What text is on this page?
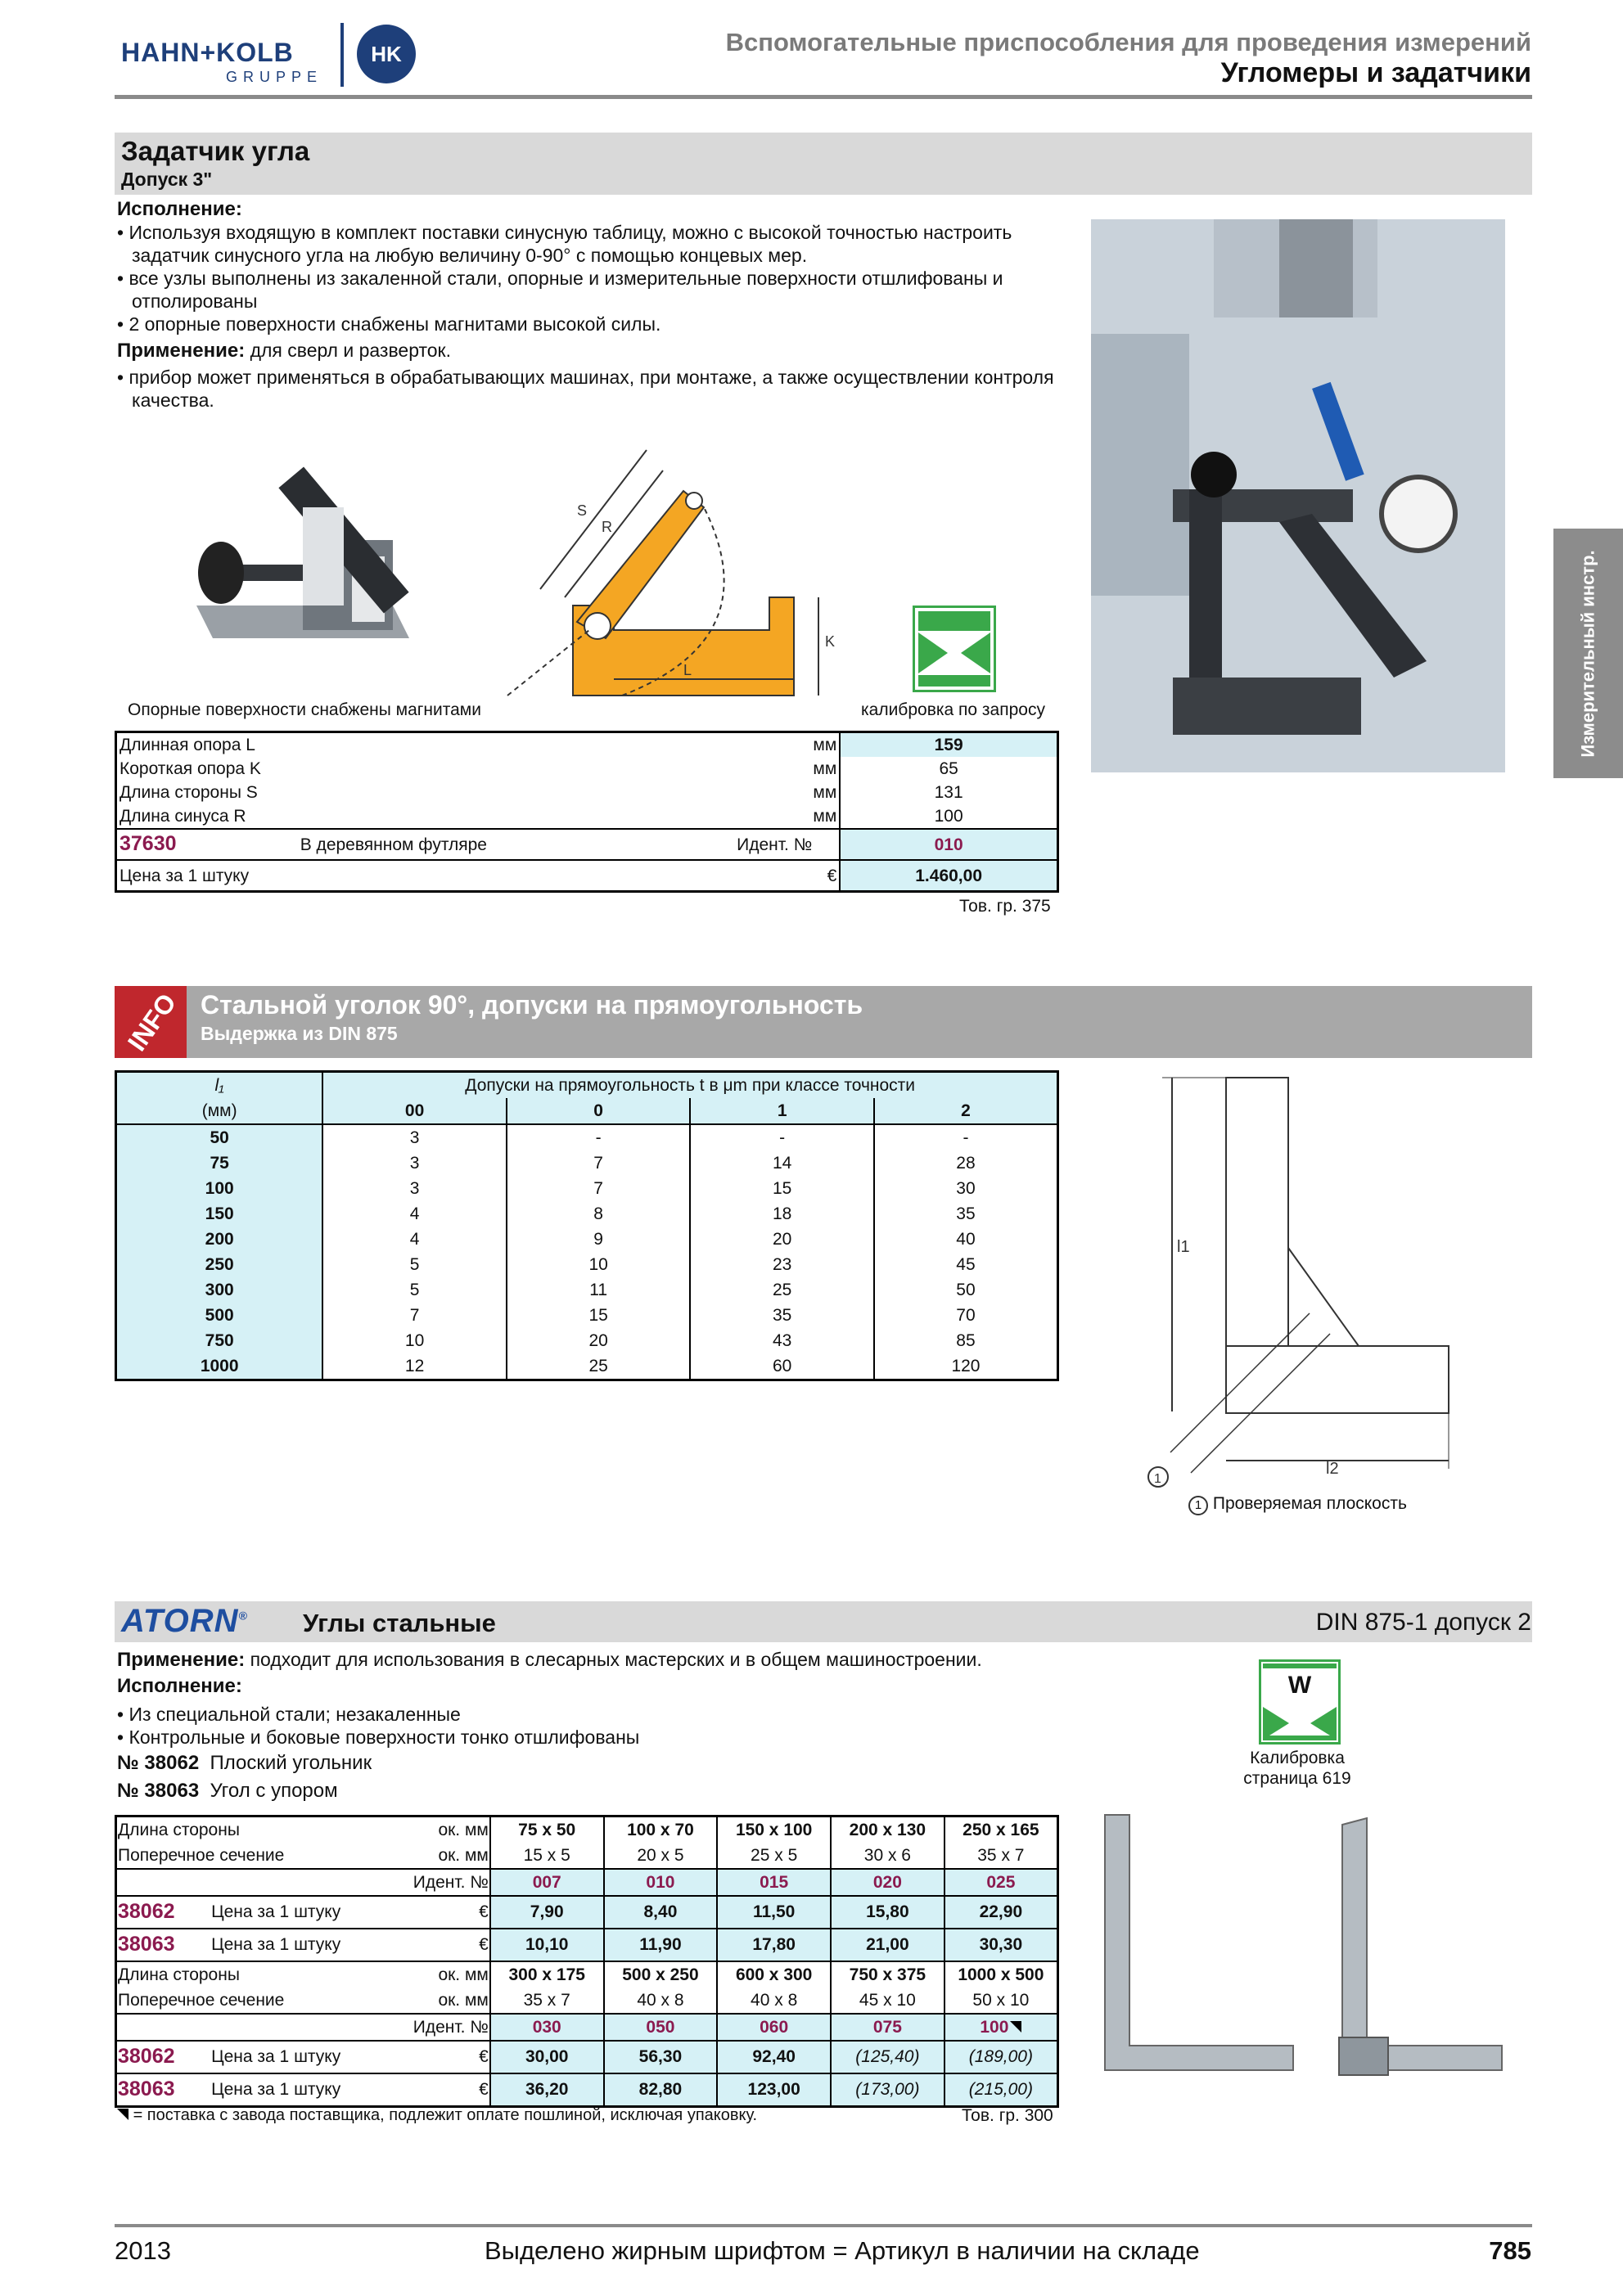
HAHN+KOLB
GRUPPE
HK	Вспомогательные приспособления для проведения измерений
Угломеры и задатчики
Измерительный инстр.
Задатчик угла
Допуск 3"
Исполнение:
• Используя входящую в комплект поставки синусную таблицу, можно с высокой точностью настроить задатчик синусного угла на любую величину 0-90° с помощью концевых мер.
• все узлы выполнены из закаленной стали, опорные и измерительные поверхности отшлифованы и отполированы
• 2 опорные поверхности снабжены магнитами высокой силы.
Применение: для сверл и разверток.
• прибор может применяться в обрабатывающих машинах, при монтаже, а также осуществлении контроля качества.
S
R
K
L
Опорные поверхности снабжены магнитами	калибровка по запросу
Длинная опора L		мм	159
Короткая опора K		мм	65
Длина стороны S		мм	131
Длина синуса R		мм	100
37630	В деревянном футляре	Идент. №	010
Цена за 1 штуку		€	1.460,00
Тов. гр. 375
INFO Стальной уголок 90°, допуски на прямоугольность
Выдержка из DIN 875
l₁	Допуски на прямоугольность t в μm при классе точности			
(мм)	00	0	1	2
50	3	-	-	-
75	3	7	14	28
100	3	7	15	30
150	4	8	18	35
200	4	9	20	40
250	5	10	23	45
300	5	11	25	50
500	7	15	35	70
750	10	20	43	85
1000	12	25	60	120
l1
l2
1
1 Проверяемая плоскость
ATORN® Углы стальные	DIN 875-1 допуск 2
Применение: подходит для использования в слесарных мастерских и в общем машиностроении.
Исполнение:
• Из специальной стали; незакаленные
• Контрольные и боковые поверхности тонко отшлифованы
№ 38062 Плоский угольник
№ 38063 Угол с упором
W
Калибровка
страница 619
Длина стороны		ок. мм		75 x 50	100 x 70	150 x 100	200 x 130	250 x 165
Поперечное сечение		ок. мм		15 x 5	20 x 5	25 x 5	30 x 6	35 x 7
Идент. №				007	010	015	020	025
38062	Цена за 1 штуку		€	7,90	8,40	11,50	15,80	22,90
38063	Цена за 1 штуку		€	10,10	11,90	17,80	21,00	30,30
Длина стороны		ок. мм		300 x 175	500 x 250	600 x 300	750 x 375	1000 x 500
Поперечное сечение		ок. мм		35 x 7	40 x 8	40 x 8	45 x 10	50 x 10
Идент. №				030	050	060	075	100
38062	Цена за 1 штуку		€	30,00	56,30	92,40	(125,40)	(189,00)
38063	Цена за 1 штуку		€	36,20	82,80	123,00	(173,00)	(215,00)
= поставка с завода поставщика, подлежит оплате пошлиной, исключая упаковку.	Тов. гр. 300
2013	Выделено жирным шрифтом = Артикул в наличии на складе	785
